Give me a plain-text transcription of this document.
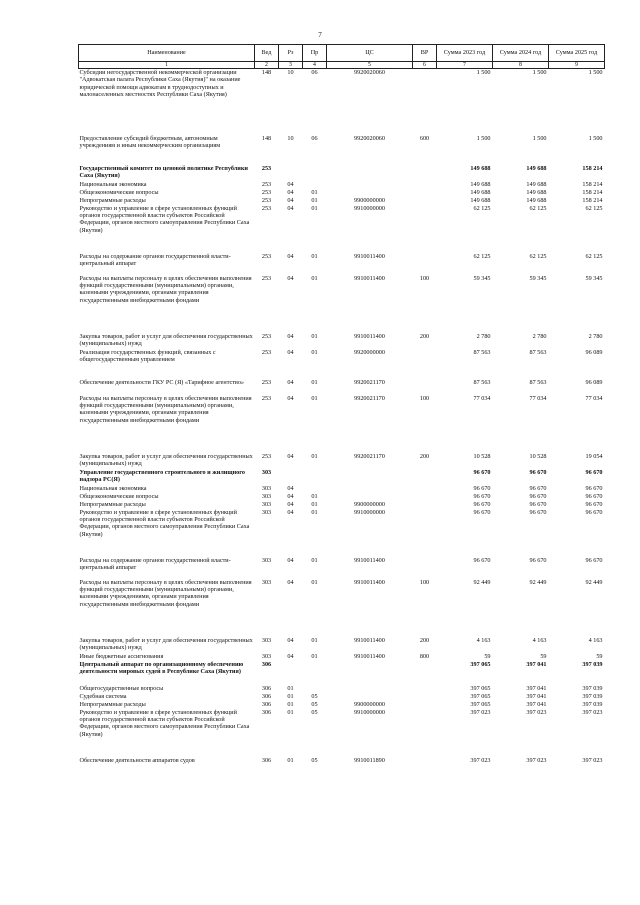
7
Наименование	Вед	Рз	Пр	ЦС	ВР	Сумма 2023 год	Сумма 2024 год	Сумма 2025 год
1	2	3	4	5	6	7	8	9
Субсидии негосударственной некоммерческой организации "Адвокатская палата Республики Саха (Якутия)" на оказание юридической помощи адвокатам в труднодоступных и малонаселенных местностях Республики Саха (Якутия)	148	10	06	9920020060		1 500	1 500	1 500
Предоставление субсидий бюджетным, автономным учреждениям и иным некоммерческим организациям	148	10	06	9920020060	600	1 500	1 500	1 500
Государственный комитет по ценовой политике Республики Саха (Якутия)	253					149 688	149 688	158 214
Национальная экономика	253	04				149 688	149 688	158 214
Общеэкономические вопросы	253	04	01			149 688	149 688	158 214
Непрограммные расходы	253	04	01	9900000000		149 688	149 688	158 214
Руководство и управление в сфере установленных функций органов государственной власти субъектов Российской Федерации, органов местного самоуправления Республики Саха (Якутия)	253	04	01	9910000000		62 125	62 125	62 125
Расходы на содержание органов государственной власти- центральный аппарат	253	04	01	9910011400		62 125	62 125	62 125
Расходы на выплаты персоналу в целях обеспечения выполнения функций государственными (муниципальными) органами, казенными учреждениями, органами управления государственными внебюджетными фондами	253	04	01	9910011400	100	59 345	59 345	59 345
Закупка товаров, работ и услуг для обеспечения государственных (муниципальных) нужд	253	04	01	9910011400	200	2 780	2 780	2 780
Реализация государственных функций, связанных с общегосударственным управлением	253	04	01	9920000000		87 563	87 563	96 089
Обеспечение деятельности ГКУ РС (Я) «Тарифное агентство»	253	04	01	9920021170		87 563	87 563	96 089
Расходы на выплаты персоналу в целях обеспечения выполнения функций государственными (муниципальными) органами, казенными учреждениями, органами управления государственными внебюджетными фондами	253	04	01	9920021170	100	77 034	77 034	77 034
Закупка товаров, работ и услуг для обеспечения государственных (муниципальных) нужд	253	04	01	9920021170	200	10 528	10 528	19 054
Управление государственного строительного и жилищного надзора РС(Я)	303					96 670	96 670	96 670
Национальная экономика	303	04				96 670	96 670	96 670
Общеэкономические вопросы	303	04	01			96 670	96 670	96 670
Непрограммные расходы	303	04	01	9900000000		96 670	96 670	96 670
Руководство и управление в сфере установленных функций органов государственной власти субъектов Российской Федерации, органов местного самоуправления Республики Саха (Якутия)	303	04	01	9910000000		96 670	96 670	96 670
Расходы на содержание органов государственной власти- центральный аппарат	303	04	01	9910011400		96 670	96 670	96 670
Расходы на выплаты персоналу в целях обеспечения выполнения функций государственными (муниципальными) органами, казенными учреждениями, органами управления государственными внебюджетными фондами	303	04	01	9910011400	100	92 449	92 449	92 449
Закупка товаров, работ и услуг для обеспечения государственных (муниципальных) нужд	303	04	01	9910011400	200	4 163	4 163	4 163
Иные бюджетные ассигнования	303	04	01	9910011400	800	59	59	59
Центральный аппарат по организационному обеспечению деятельности мировых судей в Республике Саха (Якутия)	306					397 065	397 041	397 039
Общегосударственные вопросы	306	01				397 065	397 041	397 039
Судебная система	306	01	05			397 065	397 041	397 039
Непрограммные расходы	306	01	05	9900000000		397 065	397 041	397 039
Руководство и управление в сфере установленных функций органов государственной власти субъектов Российской Федерации, органов местного самоуправления Республики Саха (Якутия)	306	01	05	9910000000		397 023	397 023	397 023
Обеспечение деятельности аппаратов судов	306	01	05	9910011890		397 023	397 023	397 023
